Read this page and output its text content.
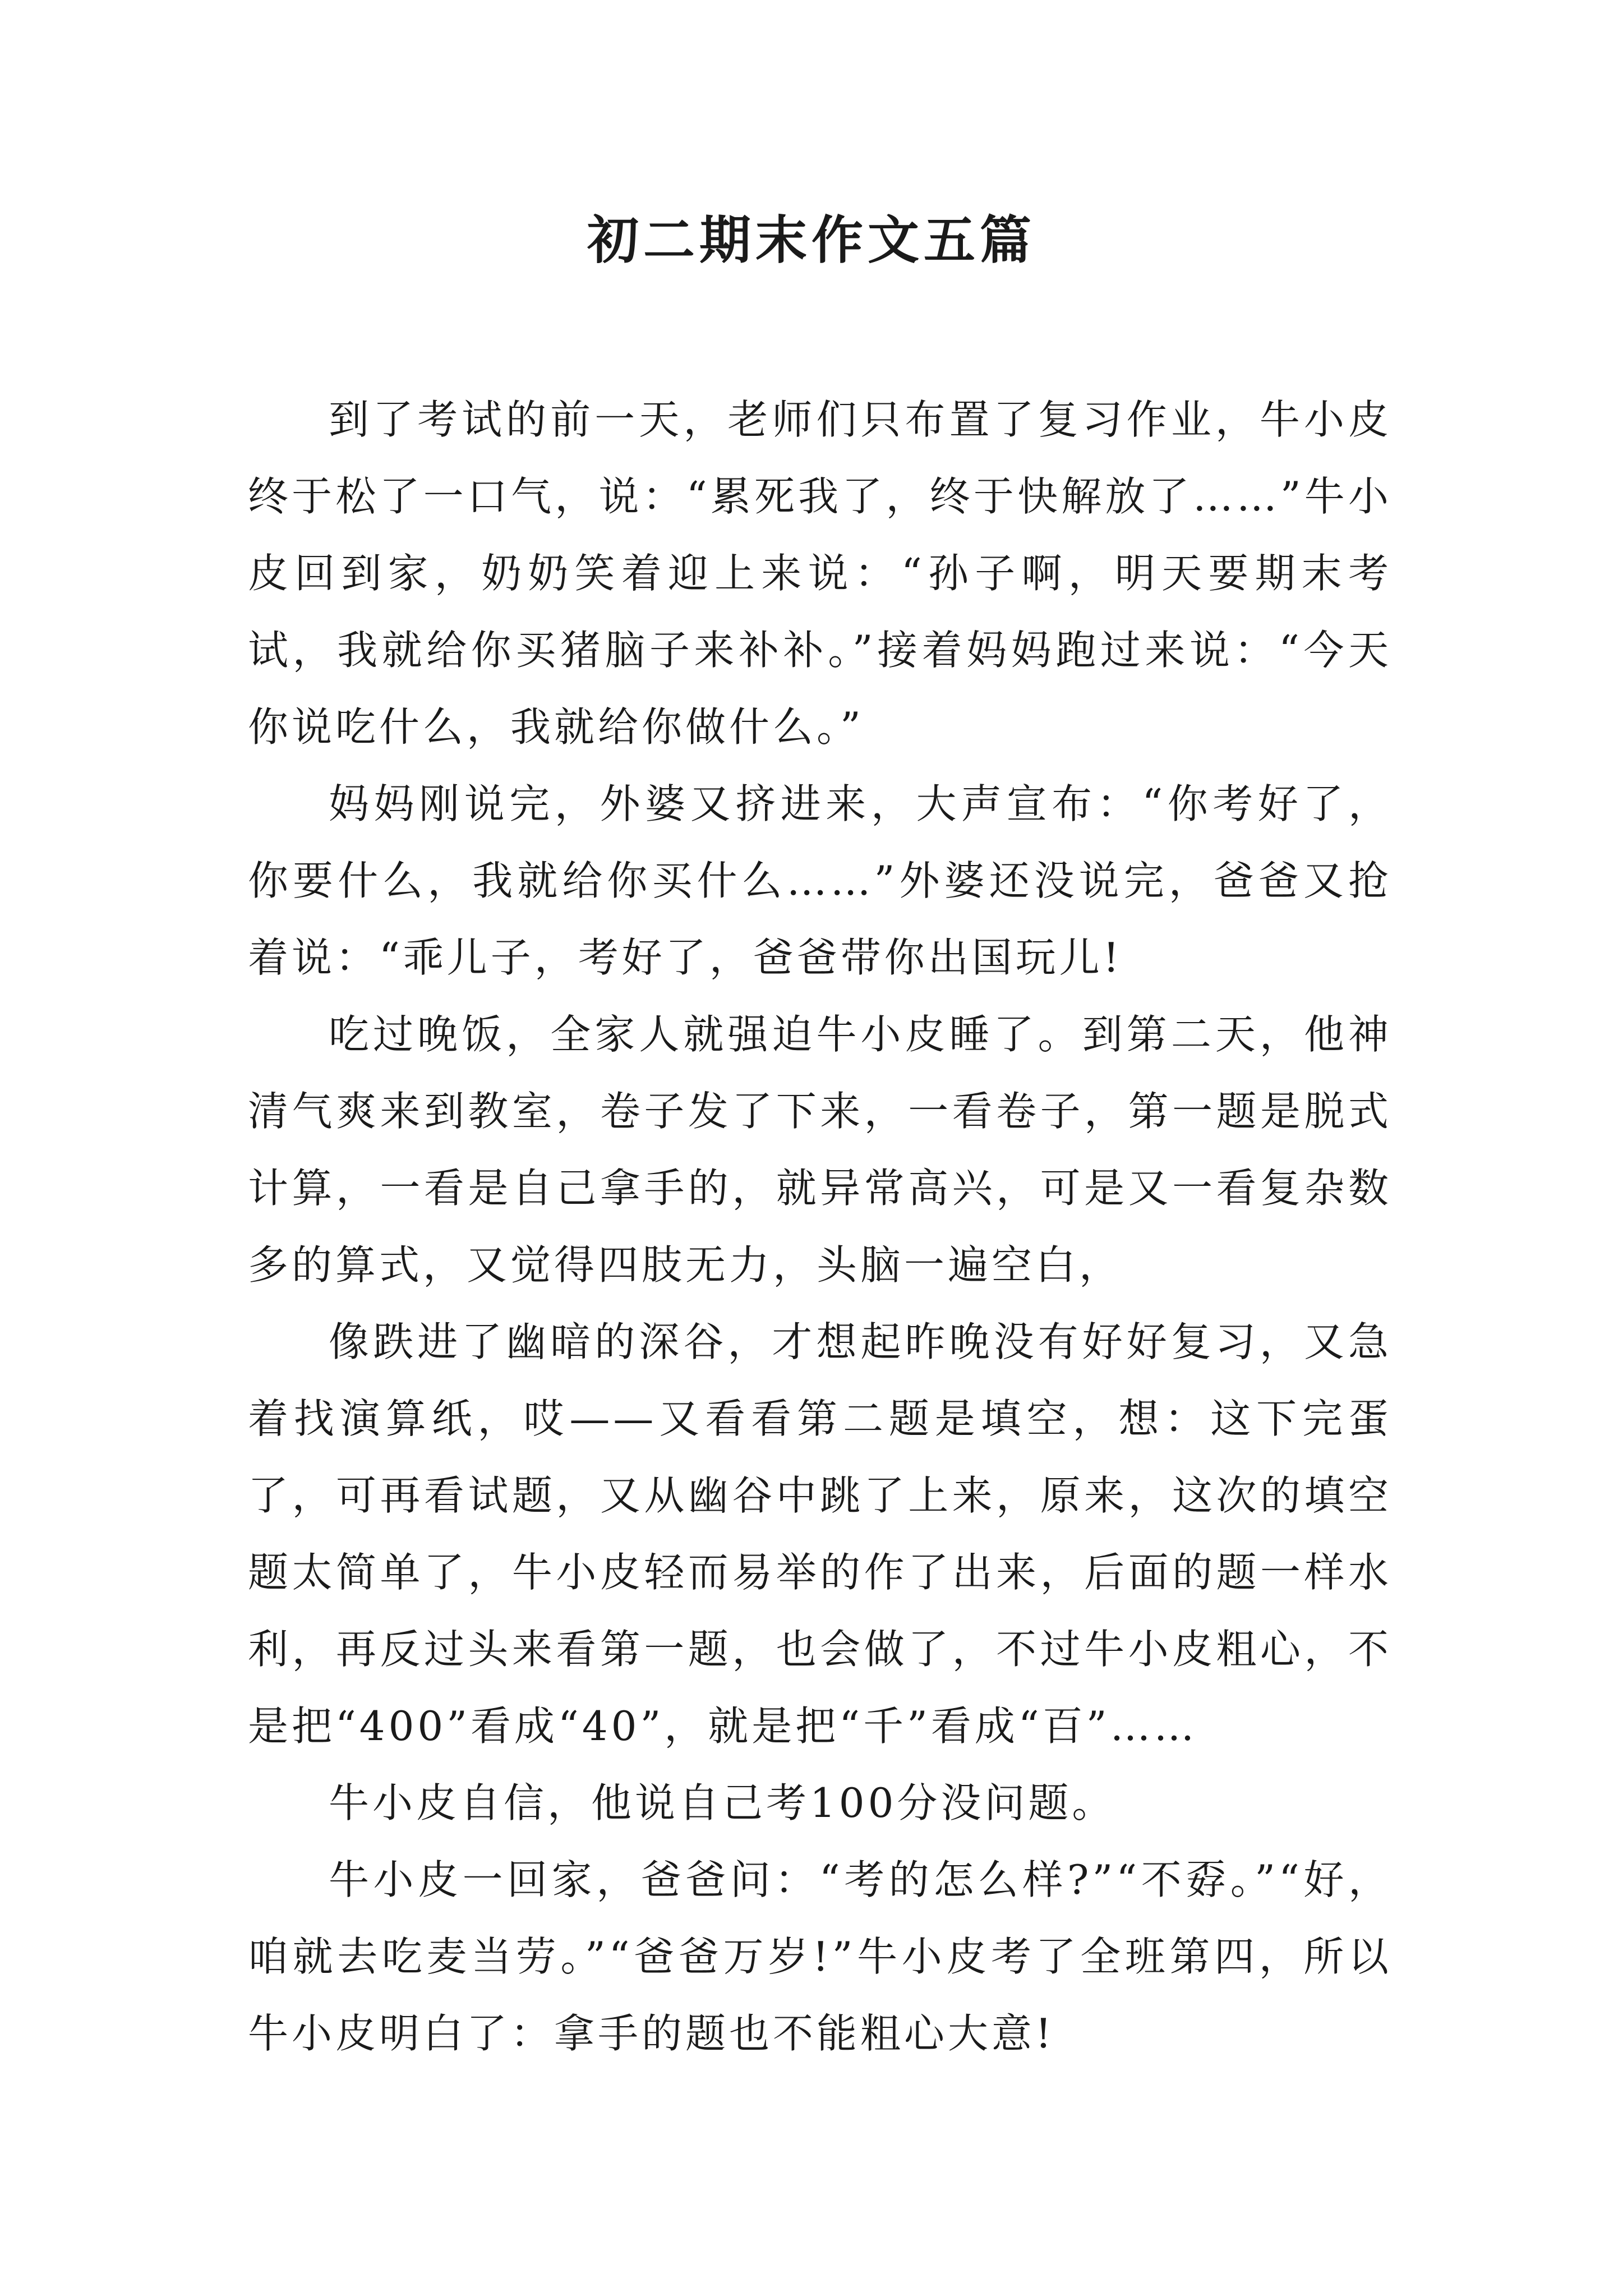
初二期末作文五篇

到了考试的前一天，老师们只布置了复习作业，牛小皮终于松了一口气，说：“累死我了，终于快解放了……”牛小皮回到家，奶奶笑着迎上来说：“孙子啊，明天要期末考试，我就给你买猪脑子来补补。”接着妈妈跑过来说：“今天你说吃什么，我就给你做什么。”

妈妈刚说完，外婆又挤进来，大声宣布：“你考好了，你要什么，我就给你买什么……”外婆还没说完，爸爸又抢着说：“乖儿子，考好了，爸爸带你出国玩儿!

吃过晚饭，全家人就强迫牛小皮睡了。到第二天，他神清气爽来到教室，卷子发了下来，一看卷子，第一题是脱式计算，一看是自己拿手的，就异常高兴，可是又一看复杂数多的算式，又觉得四肢无力，头脑一遍空白，

像跌进了幽暗的深谷，才想起昨晚没有好好复习，又急着找演算纸，哎——又看看第二题是填空，想：这下完蛋了，可再看试题，又从幽谷中跳了上来，原来，这次的填空题太简单了，牛小皮轻而易举的作了出来，后面的题一样水利，再反过头来看第一题，也会做了，不过牛小皮粗心，不是把“400”看成“40”，就是把“千”看成“百”……

牛小皮自信，他说自己考100分没问题。

牛小皮一回家，爸爸问：“考的怎么样?”“不孬。”“好，咱就去吃麦当劳。”“爸爸万岁!”牛小皮考了全班第四，所以牛小皮明白了：拿手的题也不能粗心大意!
